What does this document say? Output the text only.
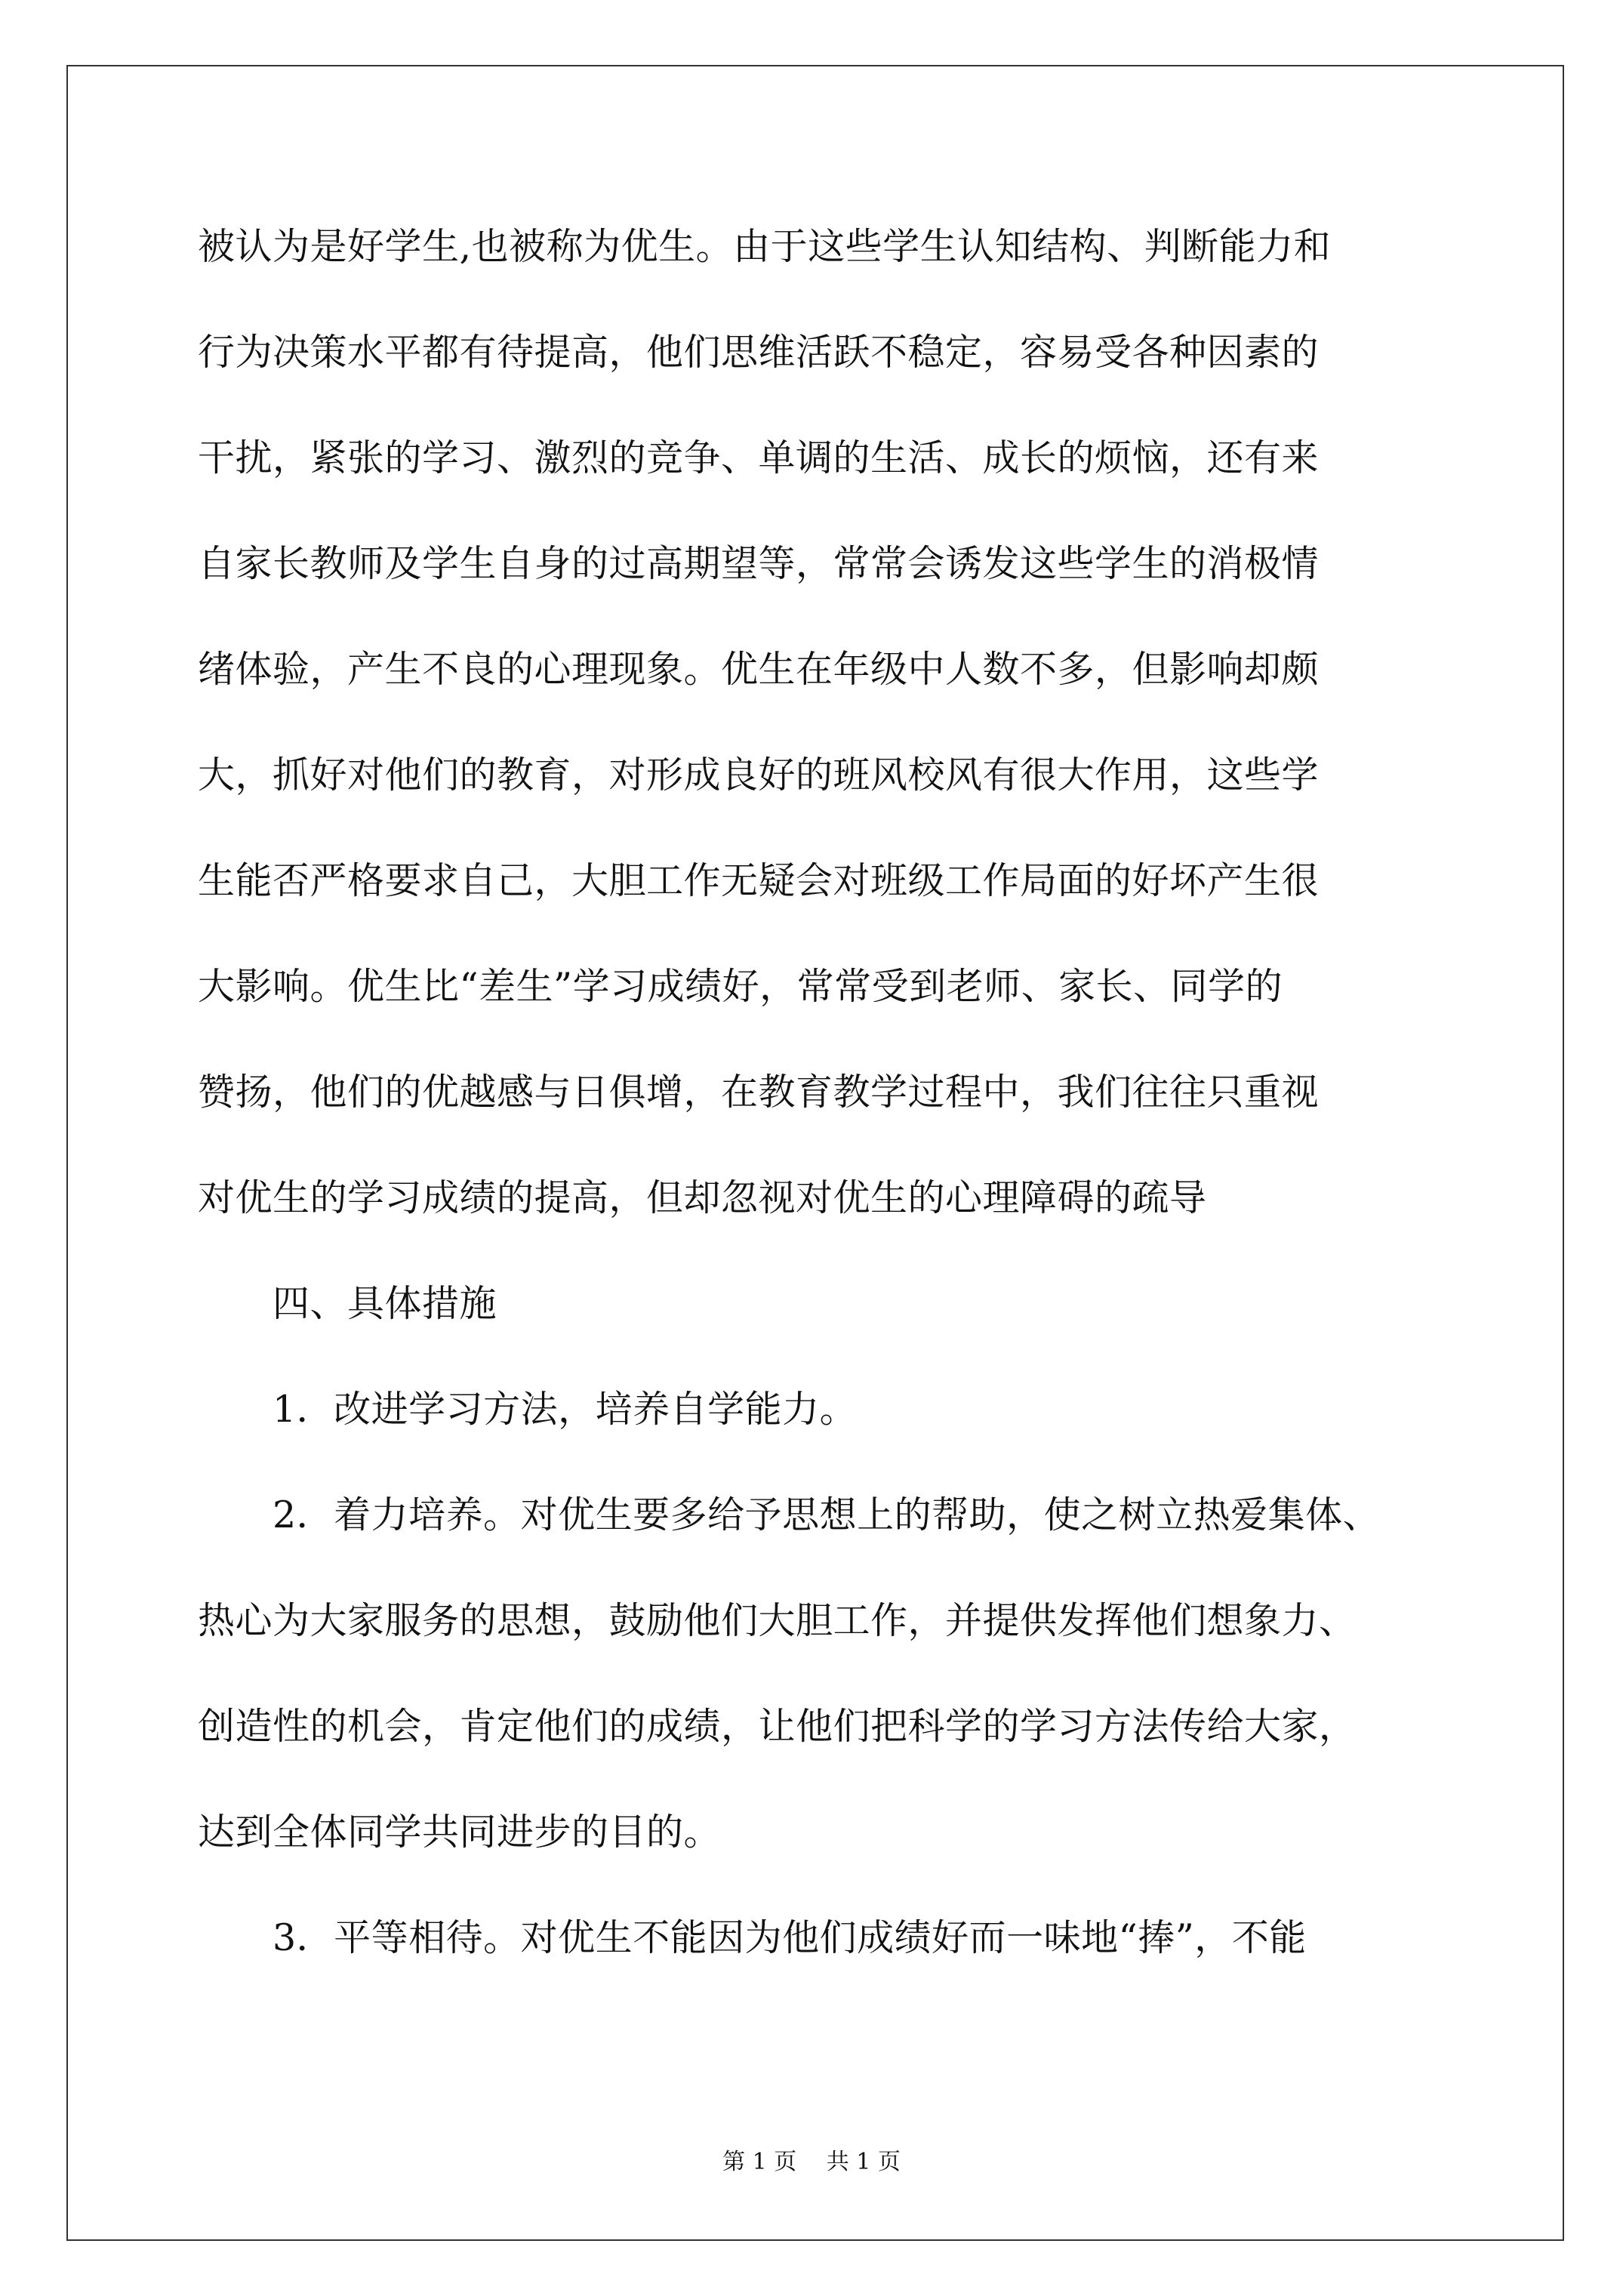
被认为是好学生,也被称为优生。由于这些学生认知结构、判断能力和
行为决策水平都有待提高，他们思维活跃不稳定，容易受各种因素的
干扰，紧张的学习、激烈的竞争、单调的生活、成长的烦恼，还有来
自家长教师及学生自身的过高期望等，常常会诱发这些学生的消极情
绪体验，产生不良的心理现象。优生在年级中人数不多，但影响却颇
大，抓好对他们的教育，对形成良好的班风校风有很大作用，这些学
生能否严格要求自己，大胆工作无疑会对班级工作局面的好坏产生很
大影响。优生比“差生”学习成绩好，常常受到老师、家长、同学的
赞扬，他们的优越感与日俱增，在教育教学过程中，我们往往只重视
对优生的学习成绩的提高，但却忽视对优生的心理障碍的疏导
　　四、具体措施
　　1．改进学习方法，培养自学能力。
　　2．着力培养。对优生要多给予思想上的帮助，使之树立热爱集体、
热心为大家服务的思想，鼓励他们大胆工作，并提供发挥他们想象力、
创造性的机会，肯定他们的成绩，让他们把科学的学习方法传给大家，
达到全体同学共同进步的目的。
　　3．平等相待。对优生不能因为他们成绩好而一味地“捧”，不能
第 1 页　 共 1 页
